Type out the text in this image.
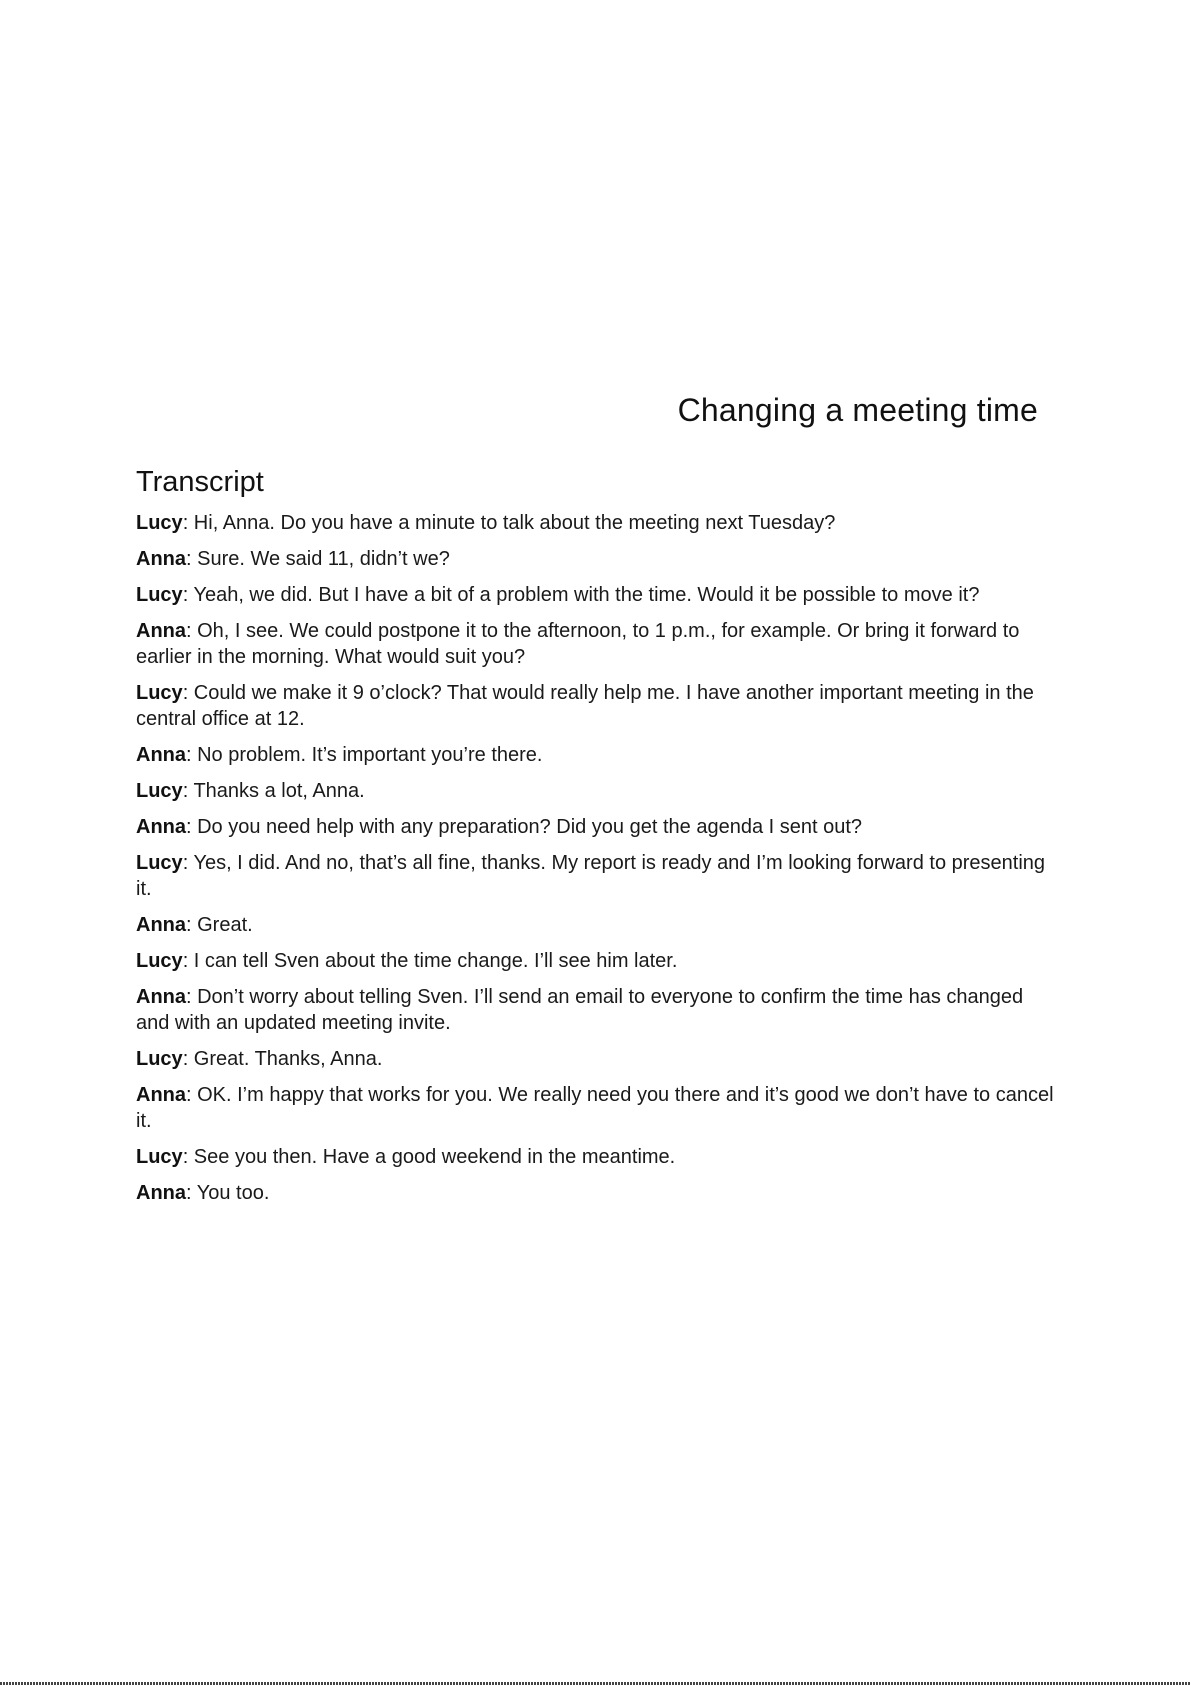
Changing a meeting time
Transcript

Lucy: Hi, Anna. Do you have a minute to talk about the meeting next Tuesday?

Anna: Sure. We said 11, didn’t we?

Lucy: Yeah, we did. But I have a bit of a problem with the time. Would it be possible to move it?

Anna: Oh, I see. We could postpone it to the afternoon, to 1 p.m., for example. Or bring it forward to earlier in the morning. What would suit you?

Lucy: Could we make it 9 o’clock? That would really help me. I have another important meeting in the central office at 12.

Anna: No problem. It’s important you’re there.

Lucy: Thanks a lot, Anna.

Anna: Do you need help with any preparation? Did you get the agenda I sent out?

Lucy: Yes, I did. And no, that’s all fine, thanks. My report is ready and I’m looking forward to presenting it.

Anna: Great.

Lucy: I can tell Sven about the time change. I’ll see him later.

Anna: Don’t worry about telling Sven. I’ll send an email to everyone to confirm the time has changed and with an updated meeting invite.

Lucy: Great. Thanks, Anna.

Anna: OK. I’m happy that works for you. We really need you there and it’s good we don’t have to cancel it.

Lucy: See you then. Have a good weekend in the meantime.

Anna: You too.
